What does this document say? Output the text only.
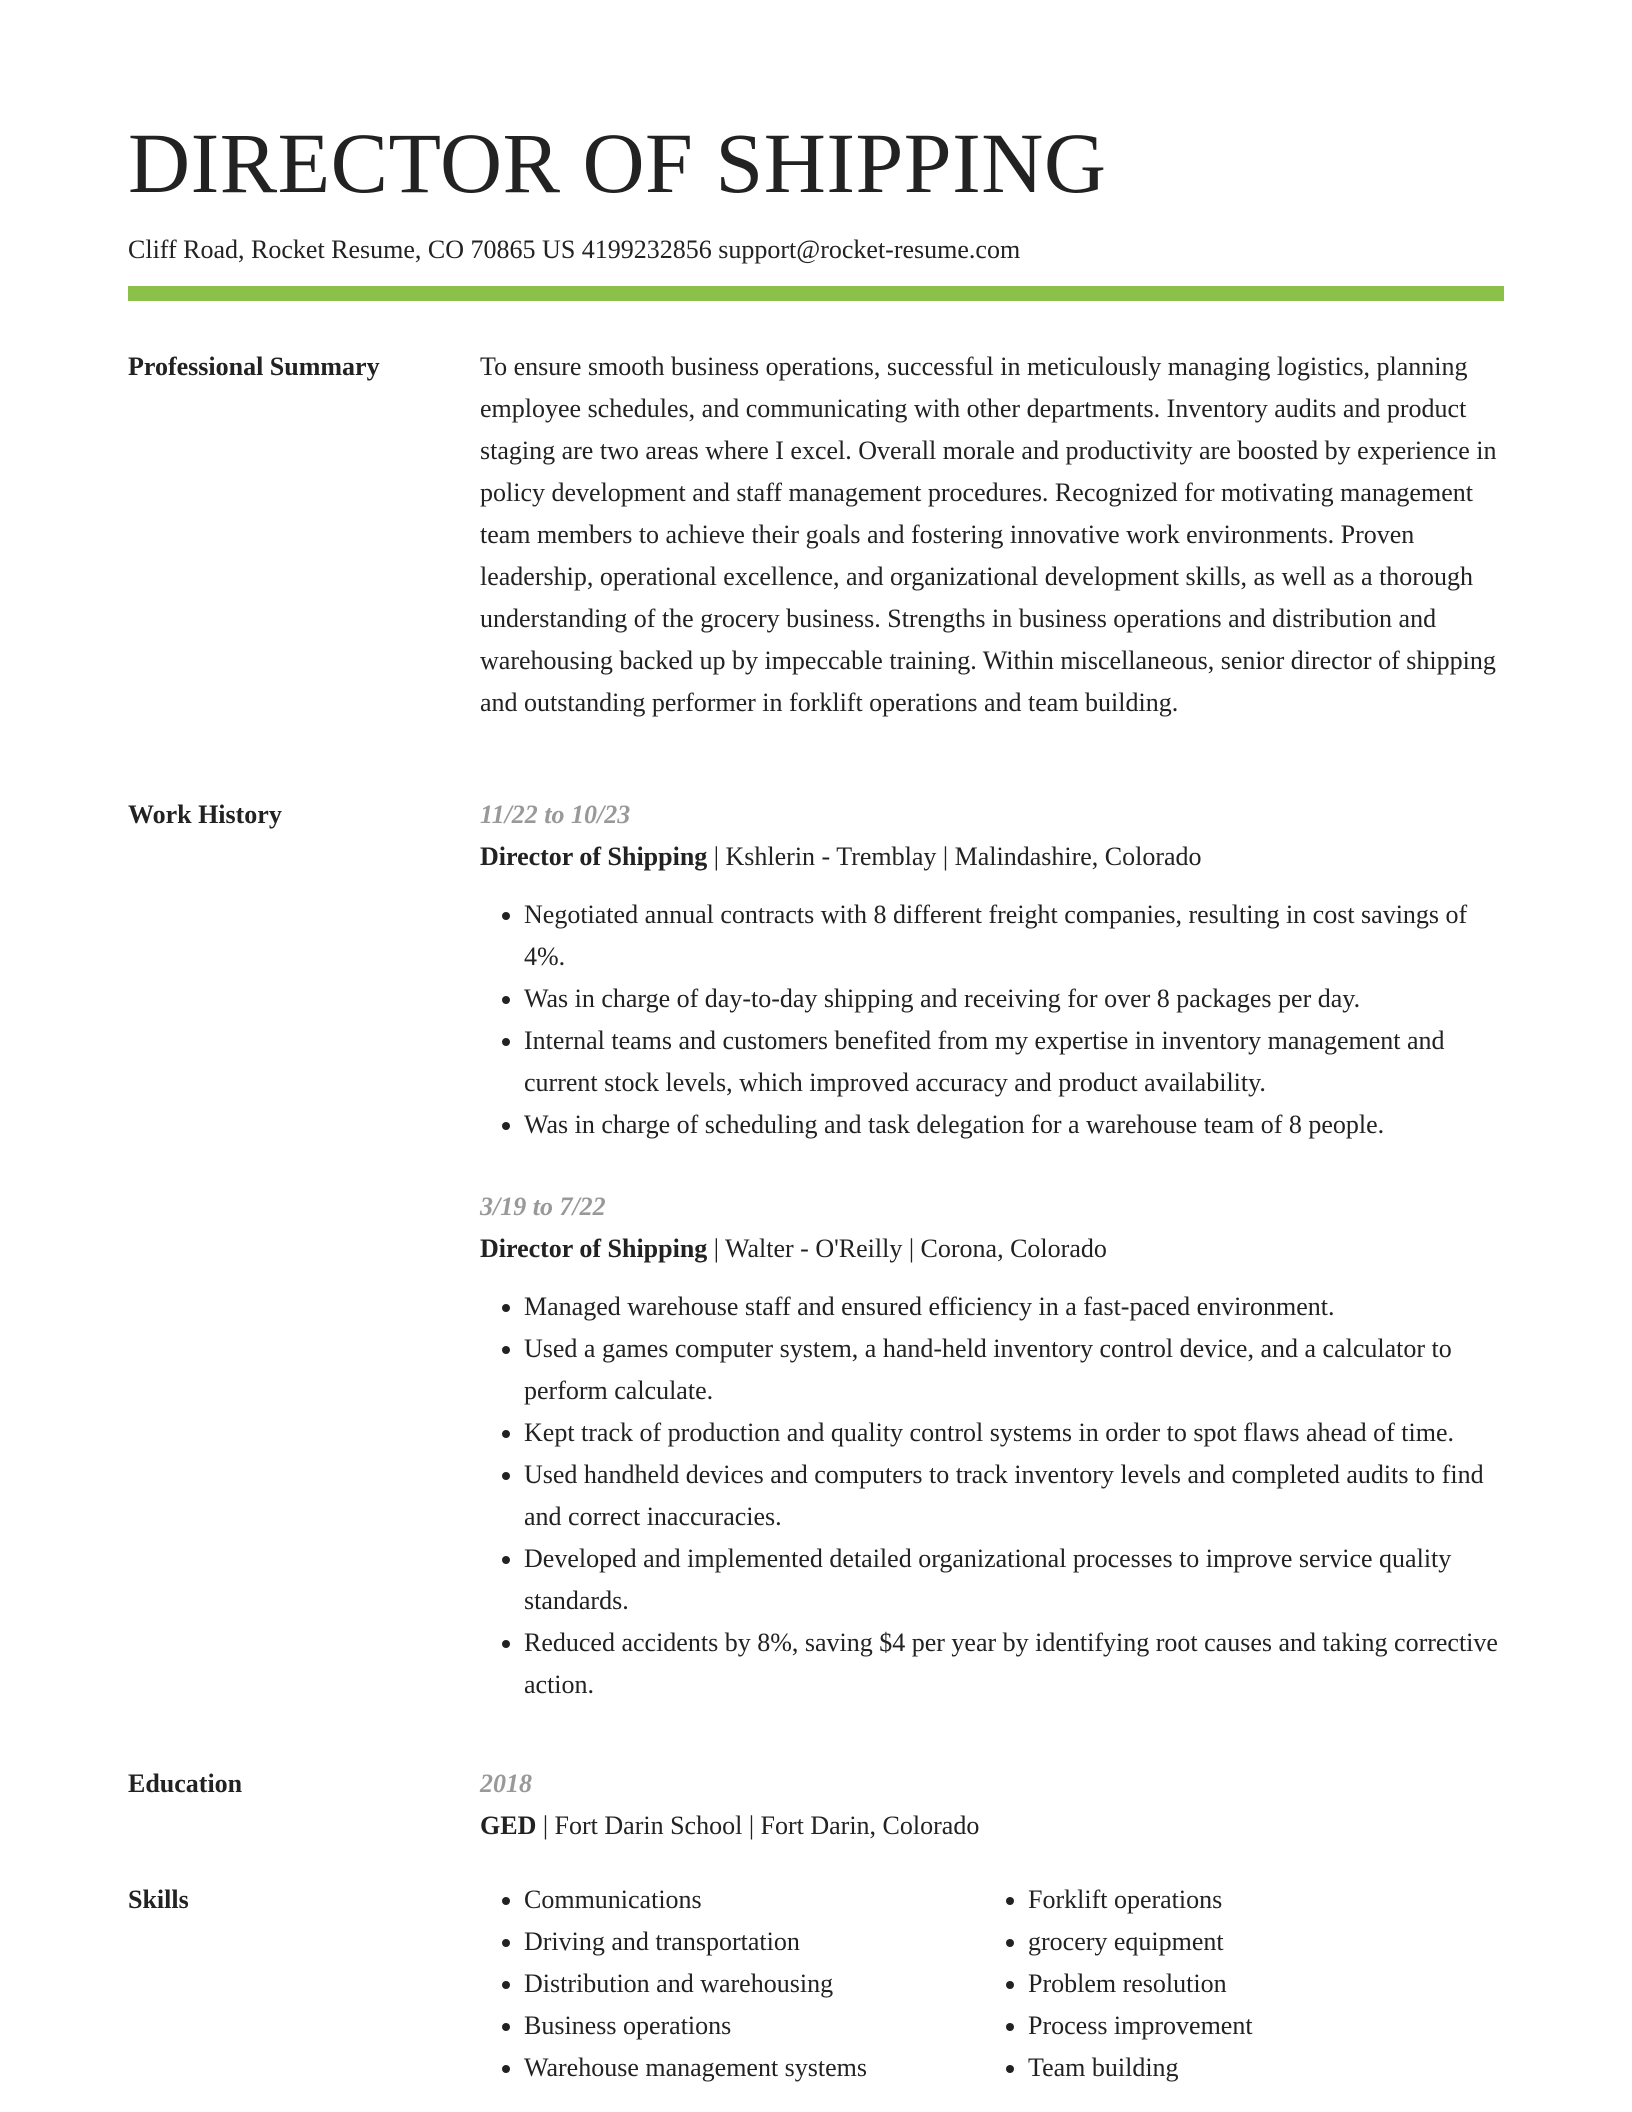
DIRECTOR OF SHIPPING
Cliff Road, Rocket Resume, CO 70865 US 4199232856 support@rocket-resume.com
Professional Summary	To ensure smooth business operations, successful in meticulously managing logistics, planning employee schedules, and communicating with other departments. Inventory audits and product staging are two areas where I excel. Overall morale and productivity are boosted by experience in policy development and staff management procedures. Recognized for motivating management team members to achieve their goals and fostering innovative work environments. Proven leadership, operational excellence, and organizational development skills, as well as a thorough understanding of the grocery business. Strengths in business operations and distribution and warehousing backed up by impeccable training. Within miscellaneous, senior director of shipping and outstanding performer in forklift operations and team building.

Work History	11/22 to 10/23
Director of Shipping | Kshlerin - Tremblay | Malindashire, Colorado
• Negotiated annual contracts with 8 different freight companies, resulting in cost savings of 4%.
• Was in charge of day-to-day shipping and receiving for over 8 packages per day.
• Internal teams and customers benefited from my expertise in inventory management and current stock levels, which improved accuracy and product availability.
• Was in charge of scheduling and task delegation for a warehouse team of 8 people.
3/19 to 7/22
Director of Shipping | Walter - O'Reilly | Corona, Colorado
• Managed warehouse staff and ensured efficiency in a fast-paced environment.
• Used a games computer system, a hand-held inventory control device, and a calculator to perform calculate.
• Kept track of production and quality control systems in order to spot flaws ahead of time.
• Used handheld devices and computers to track inventory levels and completed audits to find and correct inaccuracies.
• Developed and implemented detailed organizational processes to improve service quality standards.
• Reduced accidents by 8%, saving $4 per year by identifying root causes and taking corrective action.
Education	2018
GED | Fort Darin School | Fort Darin, Colorado
Skills
•	Communications
• Driving and transportation
• Distribution and warehousing
• Business operations
• Warehouse management systems
• Forklift operations
• grocery equipment
• Problem resolution
• Process improvement
• Team building
